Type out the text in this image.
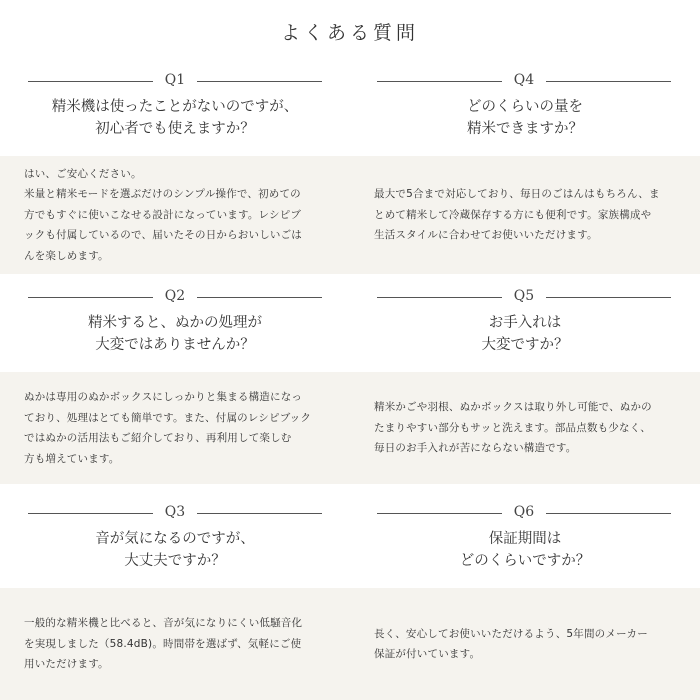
よくある質問
Q1
精米機は使ったことがないのですが、
初心者でも使えますか？
Q4
どのくらいの量を
精米できますか？
はい、ご安心ください。
米量と精米モードを選ぶだけのシンプル操作で、初めての
方でもすぐに使いこなせる設計になっています。レシピブ
ックも付属しているので、届いたその日からおいしいごは
んを楽しめます。
最大で5合まで対応しており、毎日のごはんはもちろん、ま
とめて精米して冷蔵保存する方にも便利です。家族構成や
生活スタイルに合わせてお使いいただけます。
Q2
精米すると、ぬかの処理が
大変ではありませんか？
Q5
お手入れは
大変ですか？
ぬかは専用のぬかボックスにしっかりと集まる構造になっ
ており、処理はとても簡単です。また、付属のレシピブック
ではぬかの活用法もご紹介しており、再利用して楽しむ
方も増えています。
精米かごや羽根、ぬかボックスは取り外し可能で、ぬかの
たまりやすい部分もサッと洗えます。部品点数も少なく、
毎日のお手入れが苦にならない構造です。
Q3
音が気になるのですが、
大丈夫ですか？
Q6
保証期間は
どのくらいですか？
一般的な精米機と比べると、音が気になりにくい低騒音化
を実現しました（58.4dB)。時間帯を選ばず、気軽にご使
用いただけます。
長く、安心してお使いいただけるよう、5年間のメーカー
保証が付いています。
